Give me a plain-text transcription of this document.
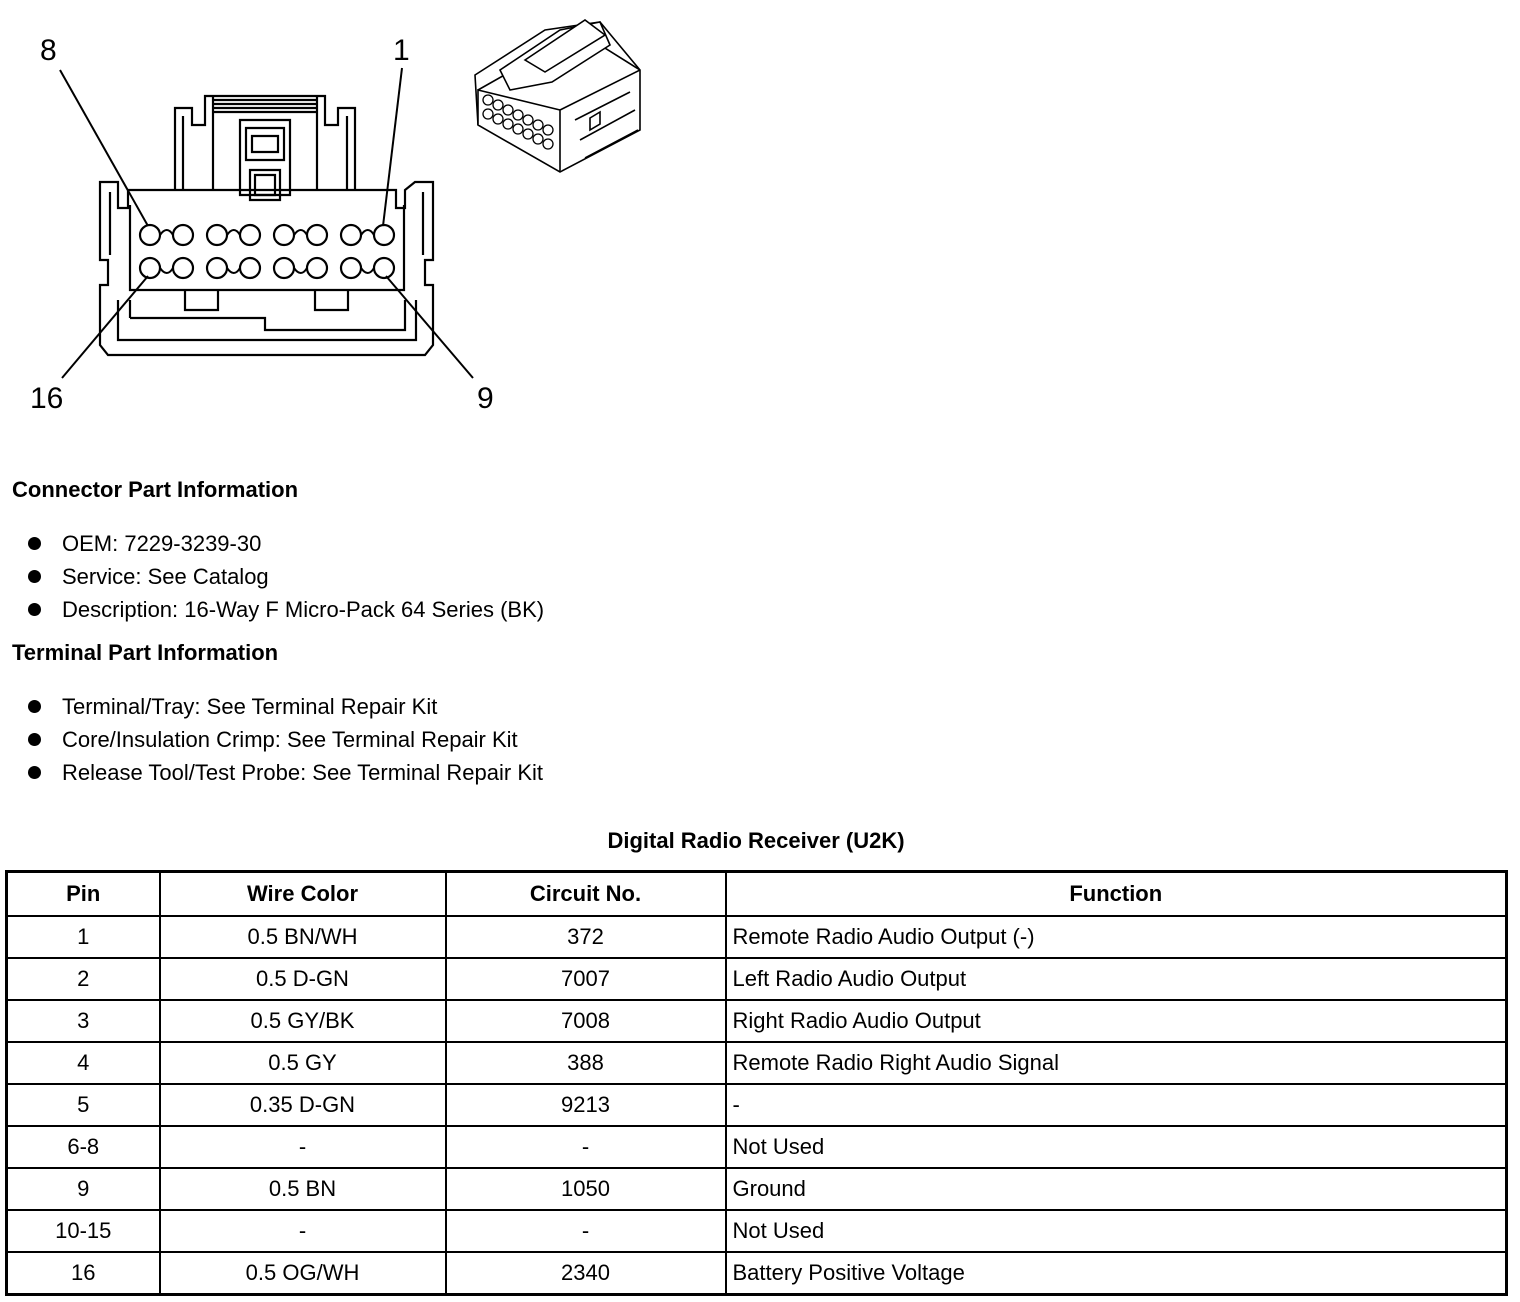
8	1
16	9
Connector Part Information
OEM: 7229-3239-30
Service: See Catalog
Description: 16-Way F Micro-Pack 64 Series (BK)
Terminal Part Information
Terminal/Tray: See Terminal Repair Kit
Core/Insulation Crimp: See Terminal Repair Kit
Release Tool/Test Probe: See Terminal Repair Kit
Digital Radio Receiver (U2K)
Pin	Wire Color	Circuit No.	Function
1	0.5 BN/WH	372	Remote Radio Audio Output (-)
2	0.5 D-GN	7007	Left Radio Audio Output
3	0.5 GY/BK	7008	Right Radio Audio Output
4	0.5 GY	388	Remote Radio Right Audio Signal
5	0.35 D-GN	9213	-
6-8	-	-	Not Used
9	0.5 BN	1050	Ground
10-15	-	-	Not Used
16	0.5 OG/WH	2340	Battery Positive Voltage
